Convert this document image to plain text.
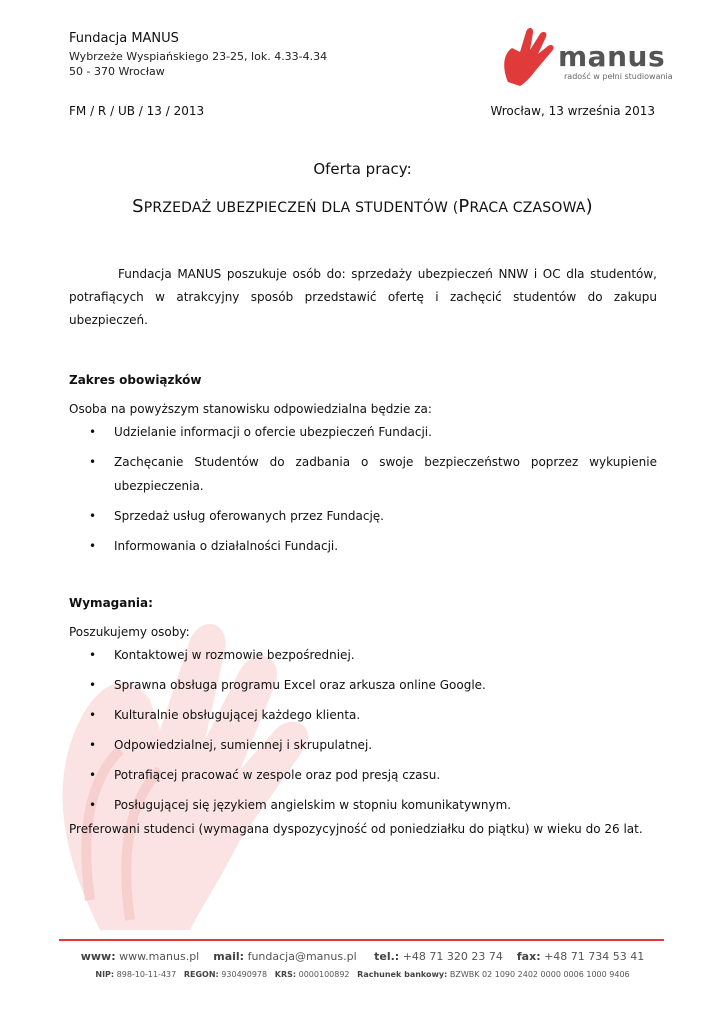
Fundacja MANUS
Wybrzeże Wyspiańskiego 23-25, lok. 4.33-4.34
50 - 370 Wrocław	manus
radość w pełni studiowania
FM / R / UB / 13 / 2013	Wrocław, 13 września 2013
Oferta pracy:
SPRZEDAŻ UBEZPIECZEŃ DLA STUDENTÓW (PRACA CZASOWA)

Fundacja MANUS poszukuje osób do: sprzedaży ubezpieczeń NNW i OC dla studentów, potrafiących w atrakcyjny sposób przedstawić ofertę i zachęcić studentów do zakupu ubezpieczeń.

Zakres obowiązków
Osoba na powyższym stanowisku odpowiedzialna będzie za:
• Udzielanie informacji o ofercie ubezpieczeń Fundacji.
• Zachęcanie Studentów do zadbania o swoje bezpieczeństwo poprzez wykupienie ubezpieczenia.
• Sprzedaż usług oferowanych przez Fundację.
• Informowania o działalności Fundacji.
Wymagania:
Poszukujemy osoby:
• Kontaktowej w rozmowie bezpośredniej.
• Sprawna obsługa programu Excel oraz arkusza online Google.
• Kulturalnie obsługującej każdego klienta.
• Odpowiedzialnej, sumiennej i skrupulatnej.
• Potrafiącej pracować w zespole oraz pod presją czasu.
• Posługującej się językiem angielskim w stopniu komunikatywnym.
Preferowani studenci (wymagana dyspozycyjność od poniedziałku do piątku) w wieku do 26 lat.
www: www.manus.pl mail: fundacja@manus.pl tel.: +48 71 320 23 74 fax: +48 71 734 53 41
NIP: 898-10-11-437 REGON: 930490978 KRS: 0000100892 Rachunek bankowy: BZWBK 02 1090 2402 0000 0006 1000 9406
